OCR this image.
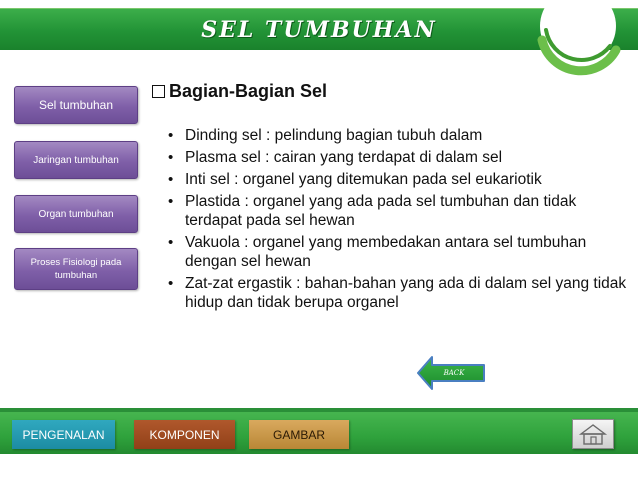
SEL TUMBUHAN
Sel tumbuhan
Jaringan tumbuhan
Organ tumbuhan
Proses Fisiologi pada tumbuhan
Bagian-Bagian Sel
• Dinding sel : pelindung bagian tubuh dalam
• Plasma sel : cairan yang terdapat di dalam sel
• Inti sel : organel yang ditemukan pada sel eukariotik
• Plastida : organel yang ada pada sel tumbuhan dan tidak terdapat pada sel hewan
• Vakuola : organel yang membedakan antara sel tumbuhan dengan sel hewan
• Zat-zat ergastik : bahan-bahan yang ada di dalam sel yang tidak hidup dan tidak berupa organel
BACK
PENGENALAN	KOMPONEN	GAMBAR
